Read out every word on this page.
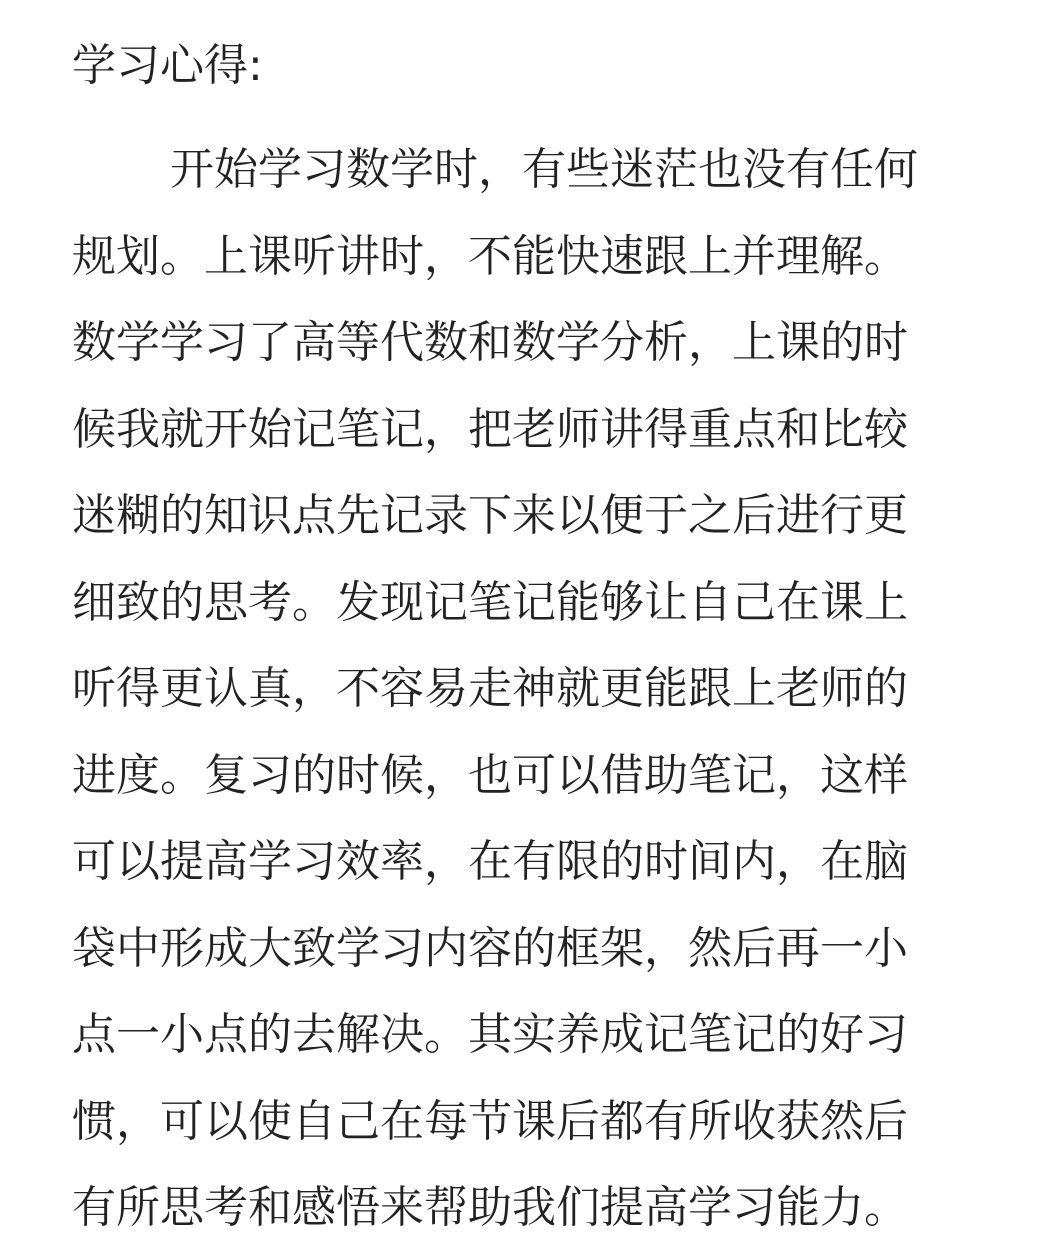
学习心得:
开始学习数学时，有些迷茫也没有任何
规划。上课听讲时，不能快速跟上并理解。
数学学习了高等代数和数学分析，上课的时
候我就开始记笔记，把老师讲得重点和比较
迷糊的知识点先记录下来以便于之后进行更
细致的思考。发现记笔记能够让自己在课上
听得更认真，不容易走神就更能跟上老师的
进度。复习的时候，也可以借助笔记，这样
可以提高学习效率，在有限的时间内，在脑
袋中形成大致学习内容的框架，然后再一小
点一小点的去解决。其实养成记笔记的好习
惯，可以使自己在每节课后都有所收获然后
有所思考和感悟来帮助我们提高学习能力。
